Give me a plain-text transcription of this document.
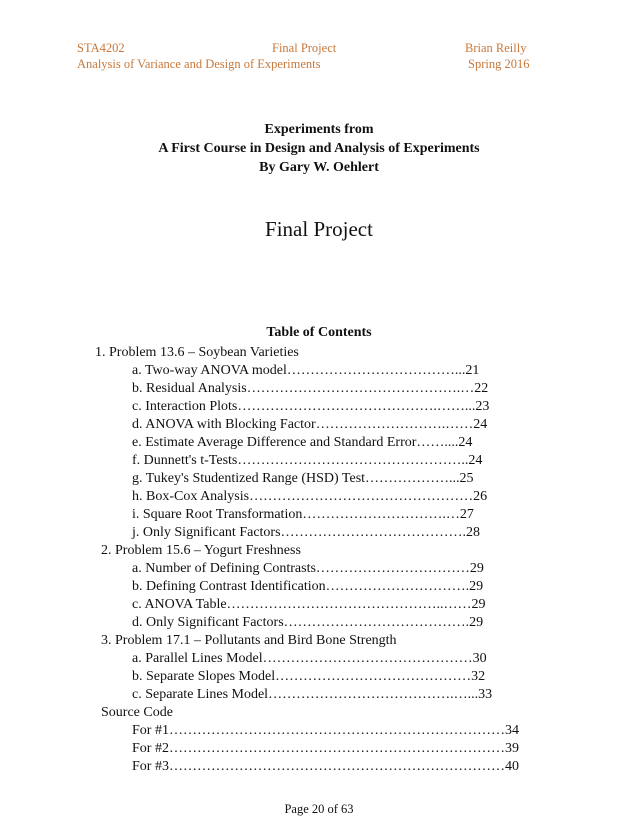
STA4202	Final Project	Brian Reilly
Analysis of Variance and Design of Experiments	Spring 2016
Experiments from
A First Course in Design and Analysis of Experiments
By Gary W. Oehlert
Final Project
Table of Contents
1. Problem 13.6 – Soybean Varieties
a. Two-way ANOVA model………………………………...21
b. Residual Analysis……………………………………….…22
c. Interaction Plots…………………………………….……...23
d. ANOVA with Blocking Factor……………………….……24
e. Estimate Average Difference and Standard Error……....24
f. Dunnett's t-Tests…………………………………………..24
g. Tukey's Studentized Range (HSD) Test………………...25
h. Box-Cox Analysis…………………………………………26
i. Square Root Transformation………………………….…27
j. Only Significant Factors………………………………….28
2. Problem 15.6 – Yogurt Freshness
a. Number of Defining Contrasts……………………………29
b. Defining Contrast Identification………………………….29
c. ANOVA Table………………………………………..……29
d. Only Significant Factors………………………………….29
3. Problem 17.1 – Pollutants and Bird Bone Strength
a. Parallel Lines Model………………………………………30
b. Separate Slopes Model……………………………………32
c. Separate Lines Model………………………………….…...33
Source Code
For #1………………………………………………………………34
For #2………………………………………………………………39
For #3………………………………………………………………40
Page 20 of 63
